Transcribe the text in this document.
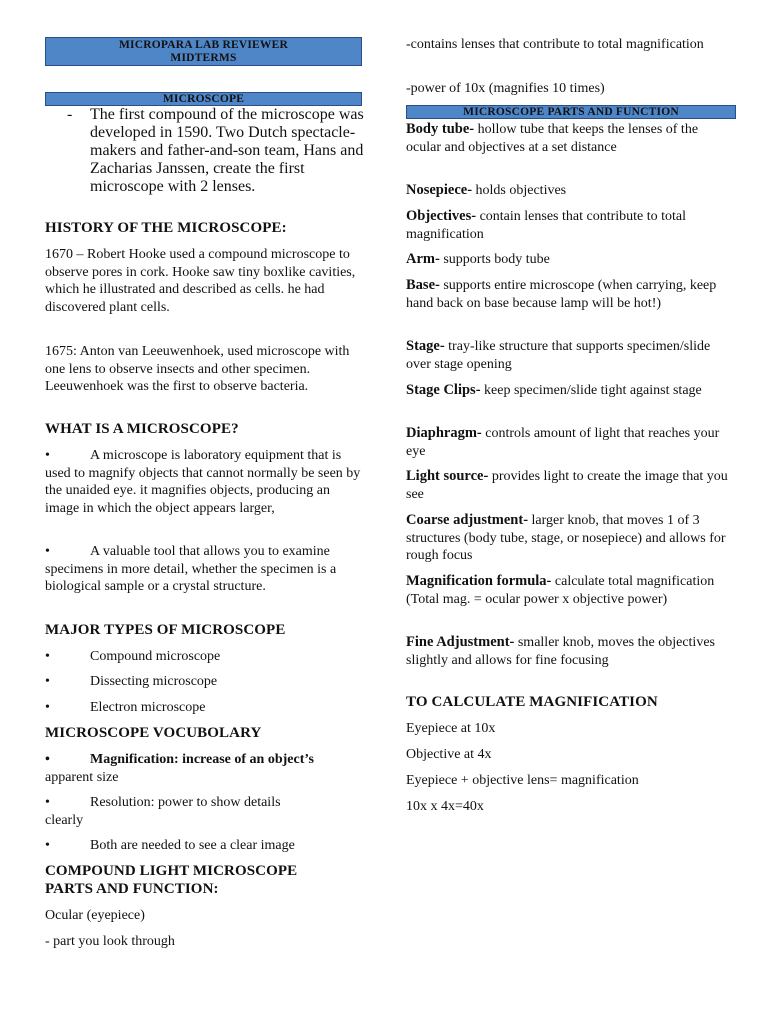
MICROPARA LAB REVIEWER
MIDTERMS
MICROSCOPE
-	The first compound of the microscope was developed in 1590. Two Dutch spectacle-makers and father-and-son team, Hans and Zacharias Janssen, create the first microscope with 2 lenses.
HISTORY OF THE MICROSCOPE:
1670 – Robert Hooke used a compound microscope to observe pores in cork. Hooke saw tiny boxlike cavities, which he illustrated and described as cells. he had discovered plant cells.
1675: Anton van Leeuwenhoek, used microscope with one lens to observe insects and other specimen. Leeuwenhoek was the first to observe bacteria.
WHAT IS A MICROSCOPE?
•	A microscope is laboratory equipment that is used to magnify objects that cannot normally be seen by the unaided eye. it magnifies objects, producing an image in which the object appears larger,
•	A valuable tool that allows you to examine specimens in more detail, whether the specimen is a biological sample or a crystal structure.
MAJOR TYPES OF MICROSCOPE
•	Compound microscope
•	Dissecting microscope
•	Electron microscope
MICROSCOPE VOCUBOLARY
•	Magnification: increase of an object’s
apparent size
•	Resolution: power to show details
clearly
•	Both are needed to see a clear image
COMPOUND LIGHT MICROSCOPE
PARTS AND FUNCTION:
Ocular (eyepiece)
- part you look through
-contains lenses that contribute to total magnification
-power of 10x (magnifies 10 times)
Body tube- hollow tube that keeps the lenses of the ocular and objectives at a set distance
Nosepiece- holds objectives
Objectives- contain lenses that contribute to total magnification
Arm- supports body tube
Base- supports entire microscope (when carrying, keep hand back on base because lamp will be hot!)
Stage- tray-like structure that supports specimen/slide over stage opening
Stage Clips- keep specimen/slide tight against stage
Diaphragm- controls amount of light that reaches your eye
Light source- provides light to create the image that you see
Coarse adjustment- larger knob, that moves 1 of 3 structures (body tube, stage, or nosepiece) and allows for rough focus
Magnification formula- calculate total magnification (Total mag. = ocular power x objective power)
Fine Adjustment- smaller knob, moves the objectives slightly and allows for fine focusing
TO CALCULATE MAGNIFICATION
Eyepiece at 10x
Objective at 4x
Eyepiece + objective lens= magnification
10x x 4x=40x
MICROSCOPE PARTS AND FUNCTION
